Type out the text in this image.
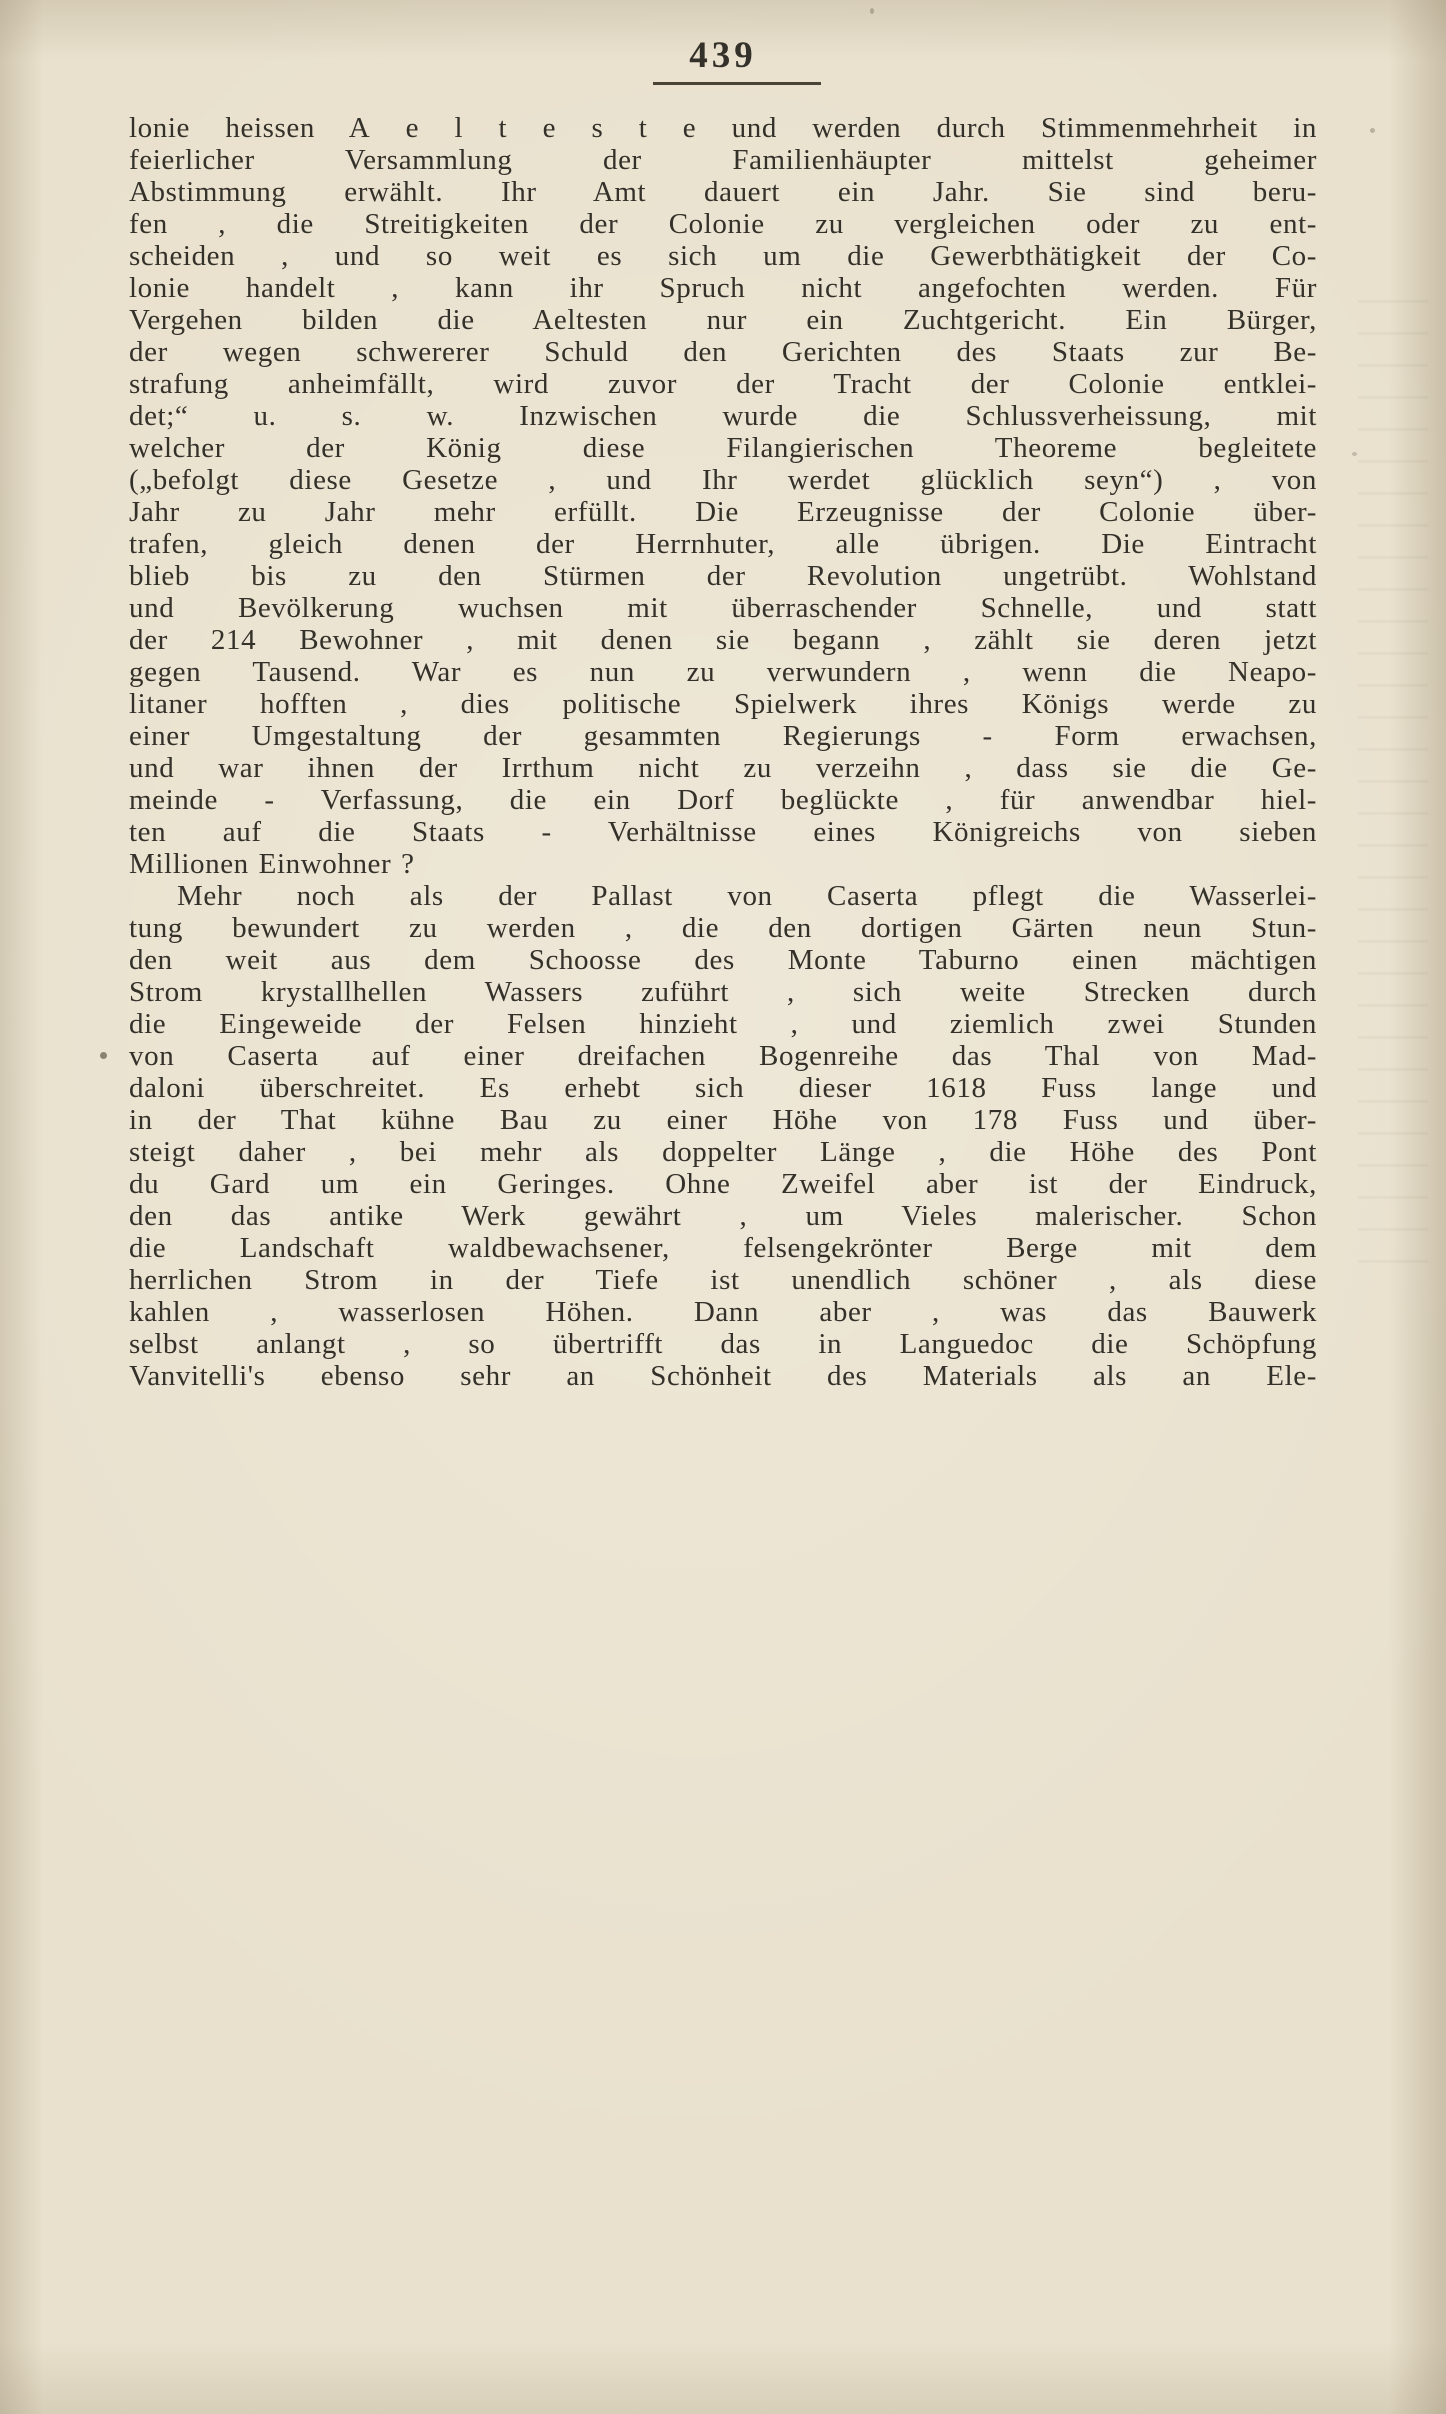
439
lonie heissen A e l t e s t e und werden durch Stimmenmehrheit in
feierlicher Versammlung der Familienhäupter mittelst geheimer
Abstimmung erwählt. Ihr Amt dauert ein Jahr. Sie sind beru-
fen , die Streitigkeiten der Colonie zu vergleichen oder zu ent-
scheiden , und so weit es sich um die Gewerbthätigkeit der Co-
lonie handelt , kann ihr Spruch nicht angefochten werden. Für
Vergehen bilden die Aeltesten nur ein Zuchtgericht. Ein Bürger,
der wegen schwererer Schuld den Gerichten des Staats zur Be-
strafung anheimfällt, wird zuvor der Tracht der Colonie entklei-
det;“ u. s. w. Inzwischen wurde die Schlussverheissung, mit
welcher der König diese Filangierischen Theoreme begleitete
(„befolgt diese Gesetze , und Ihr werdet glücklich seyn“) , von
Jahr zu Jahr mehr erfüllt. Die Erzeugnisse der Colonie über-
trafen, gleich denen der Herrnhuter, alle übrigen. Die Eintracht
blieb bis zu den Stürmen der Revolution ungetrübt. Wohlstand
und Bevölkerung wuchsen mit überraschender Schnelle, und statt
der 214 Bewohner , mit denen sie begann , zählt sie deren jetzt
gegen Tausend. War es nun zu verwundern , wenn die Neapo-
litaner hofften , dies politische Spielwerk ihres Königs werde zu
einer Umgestaltung der gesammten Regierungs - Form erwachsen,
und war ihnen der Irrthum nicht zu verzeihn , dass sie die Ge-
meinde - Verfassung, die ein Dorf beglückte , für anwendbar hiel-
ten auf die Staats - Verhältnisse eines Königreichs von sieben
Millionen Einwohner ?
Mehr noch als der Pallast von Caserta pflegt die Wasserlei-
tung bewundert zu werden , die den dortigen Gärten neun Stun-
den weit aus dem Schoosse des Monte Taburno einen mächtigen
Strom krystallhellen Wassers zuführt , sich weite Strecken durch
die Eingeweide der Felsen hinzieht , und ziemlich zwei Stunden
von Caserta auf einer dreifachen Bogenreihe das Thal von Mad-
daloni überschreitet. Es erhebt sich dieser 1618 Fuss lange und
in der That kühne Bau zu einer Höhe von 178 Fuss und über-
steigt daher , bei mehr als doppelter Länge , die Höhe des Pont
du Gard um ein Geringes. Ohne Zweifel aber ist der Eindruck,
den das antike Werk gewährt , um Vieles malerischer. Schon
die Landschaft waldbewachsener, felsengekrönter Berge mit dem
herrlichen Strom in der Tiefe ist unendlich schöner , als diese
kahlen , wasserlosen Höhen. Dann aber , was das Bauwerk
selbst anlangt , so übertrifft das in Languedoc die Schöpfung
Vanvitelli's ebenso sehr an Schönheit des Materials als an Ele-
